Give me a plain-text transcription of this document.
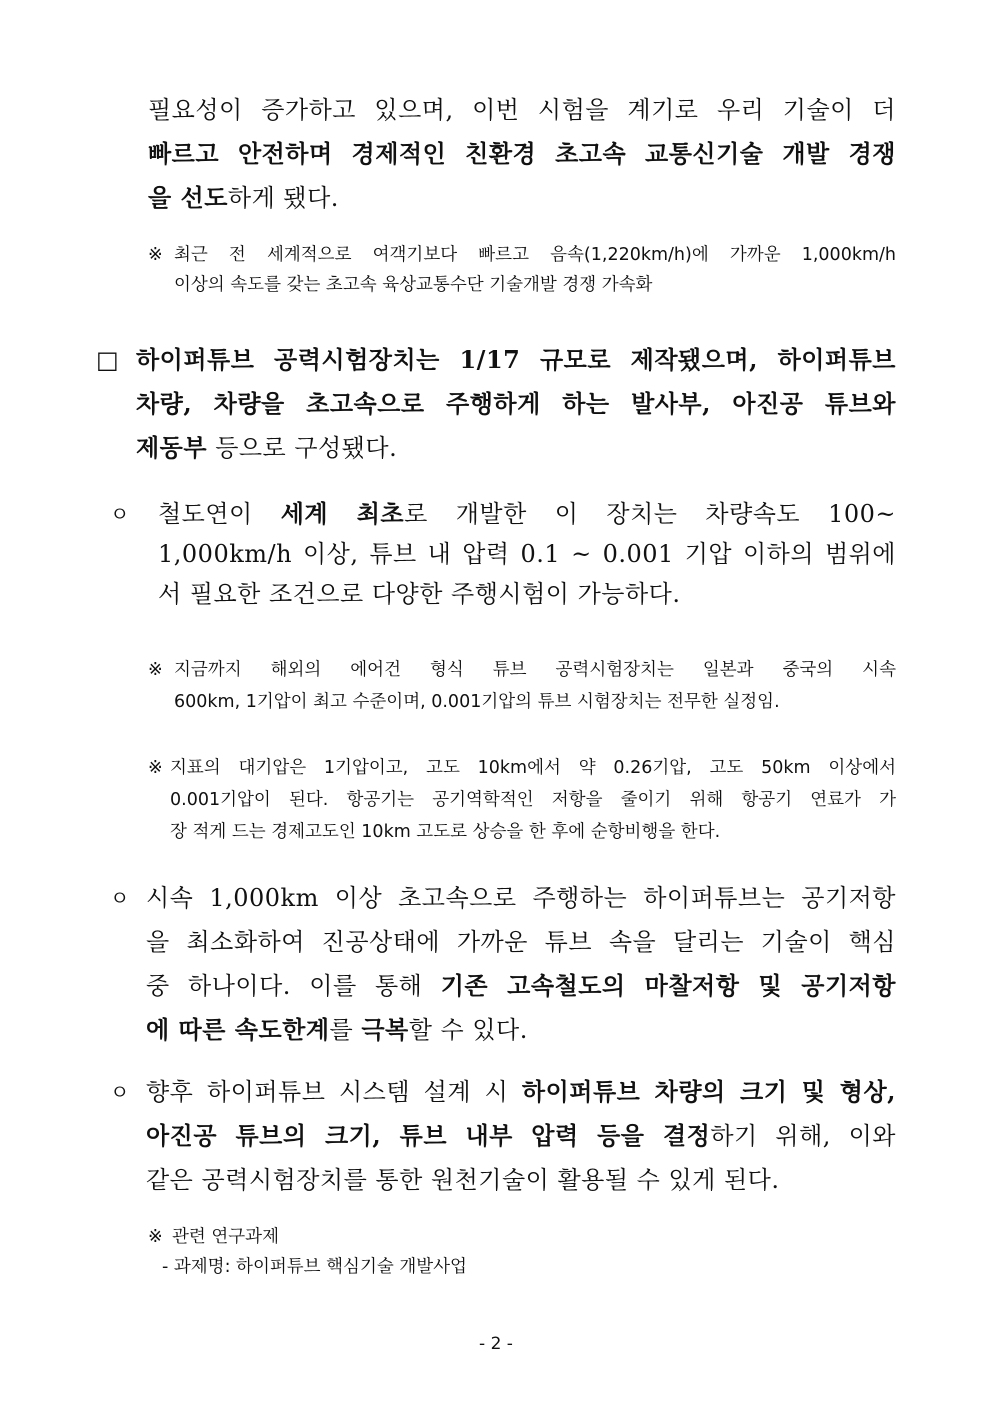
필요성이 증가하고 있으며, 이번 시험을 계기로 우리 기술이 더
빠르고 안전하며 경제적인 친환경 초고속 교통신기술 개발 경쟁
을 선도하게 됐다.
※ 최근 전 세계적으로 여객기보다 빠르고 음속(1,220km/h)에 가까운 1,000km/h
이상의 속도를 갖는 초고속 육상교통수단 기술개발 경쟁 가속화
□ 하이퍼튜브 공력시험장치는 1/17 규모로 제작됐으며, 하이퍼튜브
차량, 차량을 초고속으로 주행하게 하는 발사부, 아진공 튜브와
제동부 등으로 구성됐다.
ㅇ 철도연이 세계 최초로 개발한 이 장치는 차량속도 100~
1,000km/h 이상, 튜브 내 압력 0.1 ~ 0.001 기압 이하의 범위에
서 필요한 조건으로 다양한 주행시험이 가능하다.
※ 지금까지 해외의 에어건 형식 튜브 공력시험장치는 일본과 중국의 시속
600km, 1기압이 최고 수준이며, 0.001기압의 튜브 시험장치는 전무한 실정임.
※ 지표의 대기압은 1기압이고, 고도 10km에서 약 0.26기압, 고도 50km 이상에서
0.001기압이 된다. 항공기는 공기역학적인 저항을 줄이기 위해 항공기 연료가 가
장 적게 드는 경제고도인 10km 고도로 상승을 한 후에 순항비행을 한다.
ㅇ 시속 1,000km 이상 초고속으로 주행하는 하이퍼튜브는 공기저항
을 최소화하여 진공상태에 가까운 튜브 속을 달리는 기술이 핵심
중 하나이다. 이를 통해 기존 고속철도의 마찰저항 및 공기저항
에 따른 속도한계를 극복할 수 있다.
ㅇ 향후 하이퍼튜브 시스템 설계 시 하이퍼튜브 차량의 크기 및 형상,
아진공 튜브의 크기, 튜브 내부 압력 등을 결정하기 위해, 이와
같은 공력시험장치를 통한 원천기술이 활용될 수 있게 된다.
※ 관련 연구과제
- 과제명: 하이퍼튜브 핵심기술 개발사업
- 2 -
